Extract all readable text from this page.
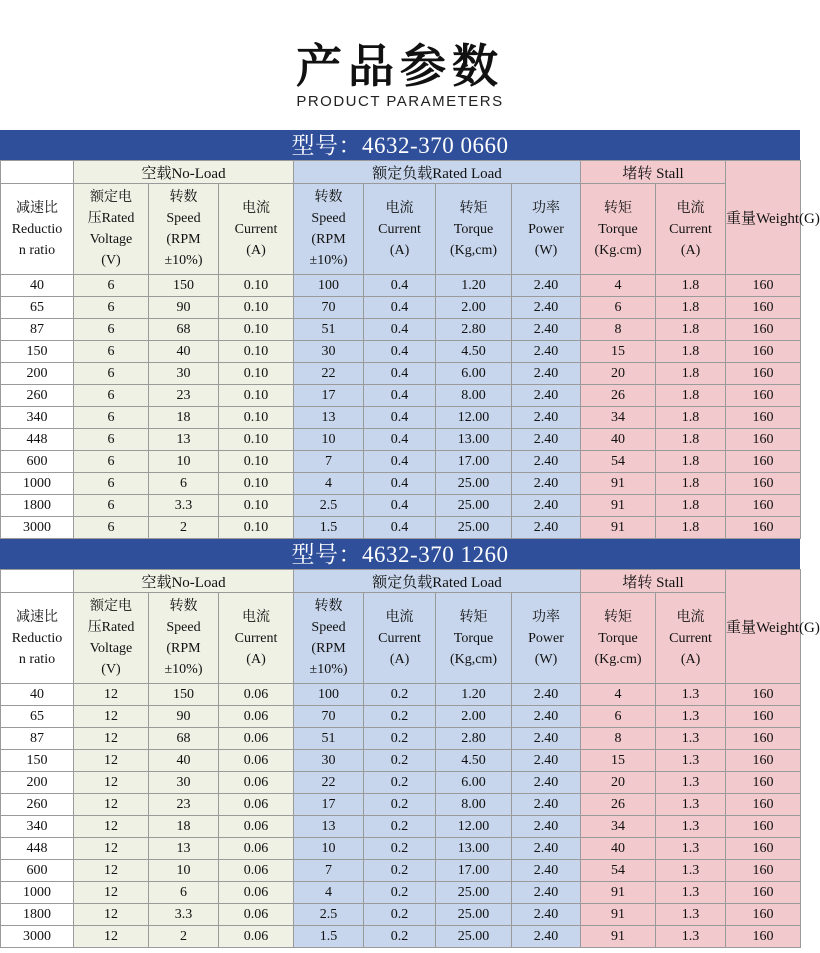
产品参数
PRODUCT PARAMETERS
型号：4632-370 0660
	空载No-Load			额定负载Rated Load				堵转 Stall		重量Weight(G)

减速比
Reductio
n ratio	额定电
压Rated
Voltage
(V)	转数
Speed
(RPM
±10%)	电流
Current
(A)	转数
Speed
(RPM
±10%)	电流
Current
(A)	转矩
Torque
(Kg,cm)	功率
Power
(W)	转矩
Torque
(Kg.cm)	电流
Current
(A)	

40	6	150	0.10	100	0.4	1.20	2.40	4	1.8	160
65	6	90	0.10	70	0.4	2.00	2.40	6	1.8	160
87	6	68	0.10	51	0.4	2.80	2.40	8	1.8	160
150	6	40	0.10	30	0.4	4.50	2.40	15	1.8	160
200	6	30	0.10	22	0.4	6.00	2.40	20	1.8	160
260	6	23	0.10	17	0.4	8.00	2.40	26	1.8	160
340	6	18	0.10	13	0.4	12.00	2.40	34	1.8	160
448	6	13	0.10	10	0.4	13.00	2.40	40	1.8	160
600	6	10	0.10	7	0.4	17.00	2.40	54	1.8	160
1000	6	6	0.10	4	0.4	25.00	2.40	91	1.8	160
1800	6	3.3	0.10	2.5	0.4	25.00	2.40	91	1.8	160
3000	6	2	0.10	1.5	0.4	25.00	2.40	91	1.8	160
型号：4632-370 1260
	空载No-Load			额定负载Rated Load				堵转 Stall		重量Weight(G)

减速比
Reductio
n ratio	额定电
压Rated
Voltage
(V)	转数
Speed
(RPM
±10%)	电流
Current
(A)	转数
Speed
(RPM
±10%)	电流
Current
(A)	转矩
Torque
(Kg,cm)	功率
Power
(W)	转矩
Torque
(Kg.cm)	电流
Current
(A)	

40	12	150	0.06	100	0.2	1.20	2.40	4	1.3	160
65	12	90	0.06	70	0.2	2.00	2.40	6	1.3	160
87	12	68	0.06	51	0.2	2.80	2.40	8	1.3	160
150	12	40	0.06	30	0.2	4.50	2.40	15	1.3	160
200	12	30	0.06	22	0.2	6.00	2.40	20	1.3	160
260	12	23	0.06	17	0.2	8.00	2.40	26	1.3	160
340	12	18	0.06	13	0.2	12.00	2.40	34	1.3	160
448	12	13	0.06	10	0.2	13.00	2.40	40	1.3	160
600	12	10	0.06	7	0.2	17.00	2.40	54	1.3	160
1000	12	6	0.06	4	0.2	25.00	2.40	91	1.3	160
1800	12	3.3	0.06	2.5	0.2	25.00	2.40	91	1.3	160
3000	12	2	0.06	1.5	0.2	25.00	2.40	91	1.3	160
